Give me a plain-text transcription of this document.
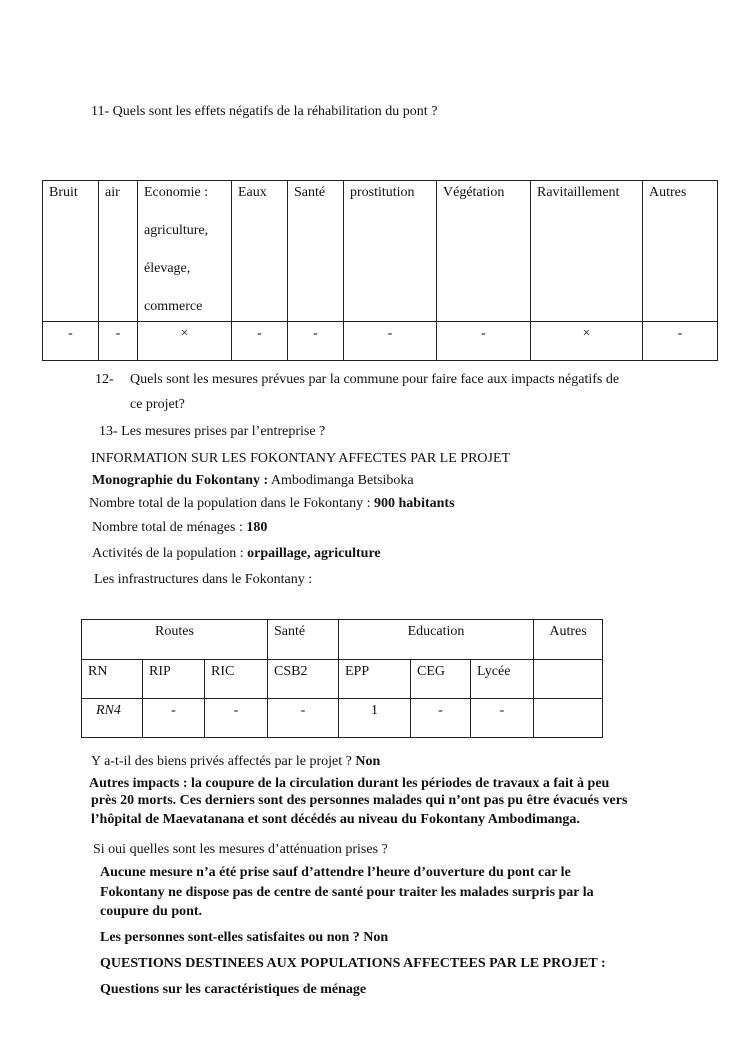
11- Quels sont les effets négatifs de la réhabilitation du pont ?
Bruit	air	Economie :

agriculture,

élevage,

commerce	Eaux	Santé	prostitution	Végétation	Ravitaillement	Autres
-	-	×	-	-	-	-	×	-
12- Quels sont les mesures prévues par la commune pour faire face aux impacts négatifs de
ce projet?
13- Les mesures prises par l’entreprise ?
INFORMATION SUR LES FOKONTANY AFFECTES PAR LE PROJET
Monographie du Fokontany : Ambodimanga Betsiboka
Nombre total de la population dans le Fokontany : 900 habitants
Nombre total de ménages : 180
Activités de la population : orpaillage, agriculture
Les infrastructures dans le Fokontany :
Routes			Santé	Education			Autres
RN	RIP	RIC	CSB2	EPP	CEG	Lycée	
RN4	-	-	-	1	-	-	
Y a-t-il des biens privés affectés par le projet ? Non
Autres impacts : la coupure de la circulation durant les périodes de travaux a fait à peu
près 20 morts. Ces derniers sont des personnes malades qui n’ont pas pu être évacués vers
l’hôpital de Maevatanana et sont décédés au niveau du Fokontany Ambodimanga.
Si oui quelles sont les mesures d’atténuation prises ?
Aucune mesure n’a été prise sauf d’attendre l’heure d’ouverture du pont car le
Fokontany ne dispose pas de centre de santé pour traiter les malades surpris par la
coupure du pont.
Les personnes sont-elles satisfaites ou non ? Non
QUESTIONS DESTINEES AUX POPULATIONS AFFECTEES PAR LE PROJET :
Questions sur les caractéristiques de ménage
